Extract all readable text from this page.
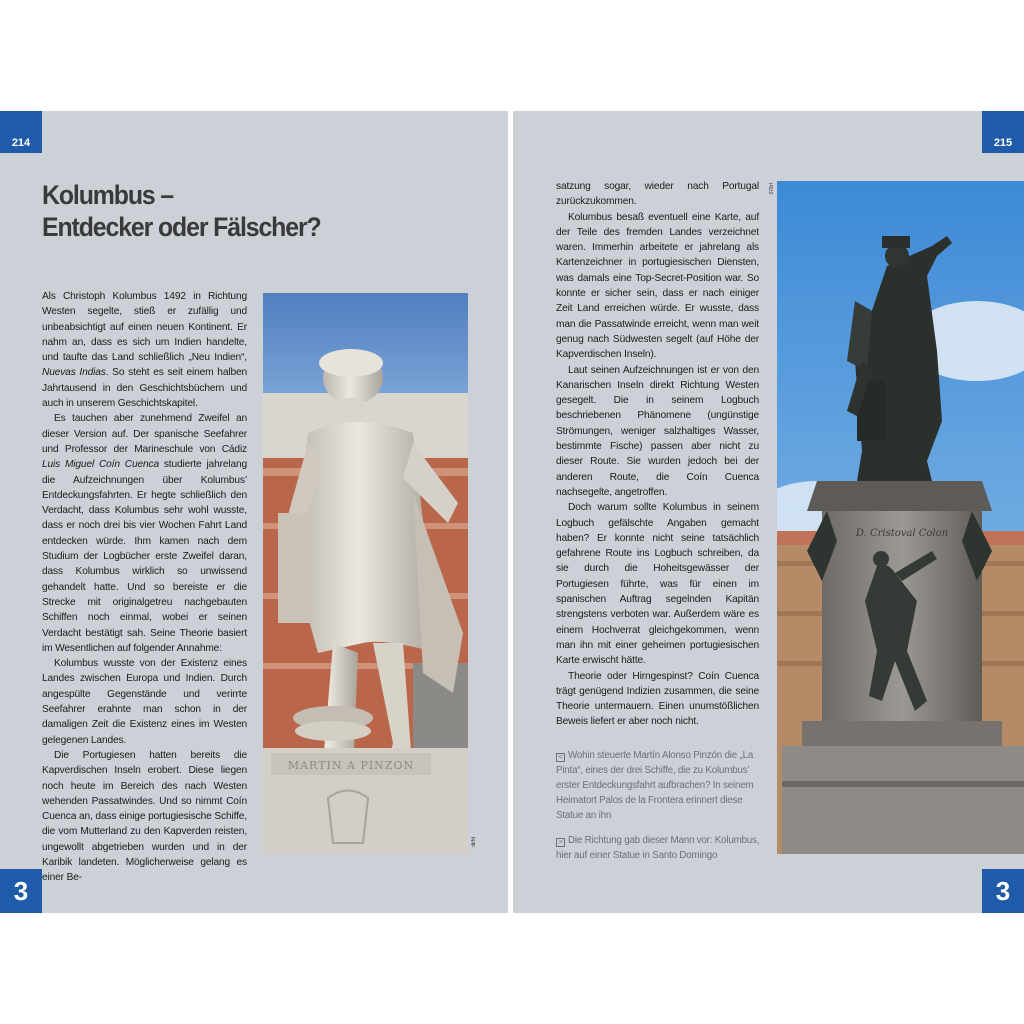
214
3
Kolumbus –
Entdecker oder Fälscher?

Als Christoph Kolumbus 1492 in Richtung Westen segelte, stieß er zufällig und unbeabsichtigt auf einen neuen Kontinent. Er nahm an, dass es sich um Indien handelte, und taufte das Land schließlich „Neu Indien“, Nuevas Indias. So steht es seit einem halben Jahrtausend in den Geschichtsbüchern und auch in unserem Geschichtskapitel.

Es tauchen aber zunehmend Zweifel an dieser Version auf. Der spanische Seefahrer und Professor der Marineschule von Cádiz Luis Miguel Coín Cuenca studierte jahrelang die Aufzeichnungen über Kolumbus’ Entdeckungsfahrten. Er hegte schließlich den Verdacht, dass Kolumbus sehr wohl wusste, dass er noch drei bis vier Wochen Fahrt Land entdecken würde. Ihm kamen nach dem Studium der Logbücher erste Zweifel daran, dass Kolumbus wirklich so unwissend gehandelt hatte. Und so bereiste er die Strecke mit originalgetreu nachgebauten Schiffen noch einmal, wobei er seinen Verdacht bestätigt sah. Seine Theorie basiert im Wesentlichen auf folgender Annahme:

Kolumbus wusste von der Existenz eines Landes zwischen Europa und Indien. Durch angespülte Gegenstände und verirrte Seefahrer erahnte man schon in der damaligen Zeit die Existenz eines im Westen gelegenen Landes.

Die Portugiesen hatten bereits die Kapverdischen Inseln erobert. Diese liegen noch heute im Bereich des nach Westen wehenden Passatwindes. Und so nimmt Coín Cuenca an, dass einige portugiesische Schiffe, die vom Mutterland zu den Kapverden reisten, ungewollt abgetrieben wurden und in der Karibik landeten. Möglicherweise gelang es einer Be-

MARTIN A PINZON
dt/fd
215
3

satzung sogar, wieder nach Portugal zurückzukommen.

Kolumbus besaß eventuell eine Karte, auf der Teile des fremden Landes verzeichnet waren. Immerhin arbeitete er jahrelang als Kartenzeichner in portugiesischen Diensten, was damals eine Top-Secret-Position war. So konnte er sicher sein, dass er nach einiger Zeit Land erreichen würde. Er wusste, dass man die Passatwinde erreicht, wenn man weit genug nach Südwesten segelt (auf Höhe der Kapverdischen Inseln).

Laut seinen Aufzeichnungen ist er von den Kanarischen Inseln direkt Richtung Westen gesegelt. Die in seinem Logbuch beschriebenen Phänomene (ungünstige Strömungen, weniger salzhaltiges Wasser, bestimmte Fische) passen aber nicht zu dieser Route. Sie wurden jedoch bei der anderen Route, die Coín Cuenca nachsegelte, angetroffen.

Doch warum sollte Kolumbus in seinem Logbuch gefälschte Angaben gemacht haben? Er konnte nicht seine tatsächlich gefahrene Route ins Logbuch schreiben, da sie durch die Hoheitsgewässer der Portugiesen führte, was für einen im spanischen Auftrag segelnden Kapitän strengstens verboten war. Außerdem wäre es einem Hochverrat gleichgekommen, wenn man ihn mit einer geheimen portugiesischen Karte erwischt hätte.

Theorie oder Hirngespinst? Coín Cuenca trägt genügend Indizien zusammen, die seine Theorie untermauern. Einen unumstößlichen Beweis liefert er aber noch nicht.

< Wohin steuerte Martín Alonso Pinzón die „La Pinta“, eines der drei Schiffe, die zu Kolumbus’ erster Entdeckungsfahrt aufbrachen? In seinem Heimatort Palos de la Frontera erinnert diese Statue an ihn
> Die Richtung gab dieser Mann vor: Kolumbus, hier auf einer Statue in Santo Domingo
078rf
D. Cristoval Colon
